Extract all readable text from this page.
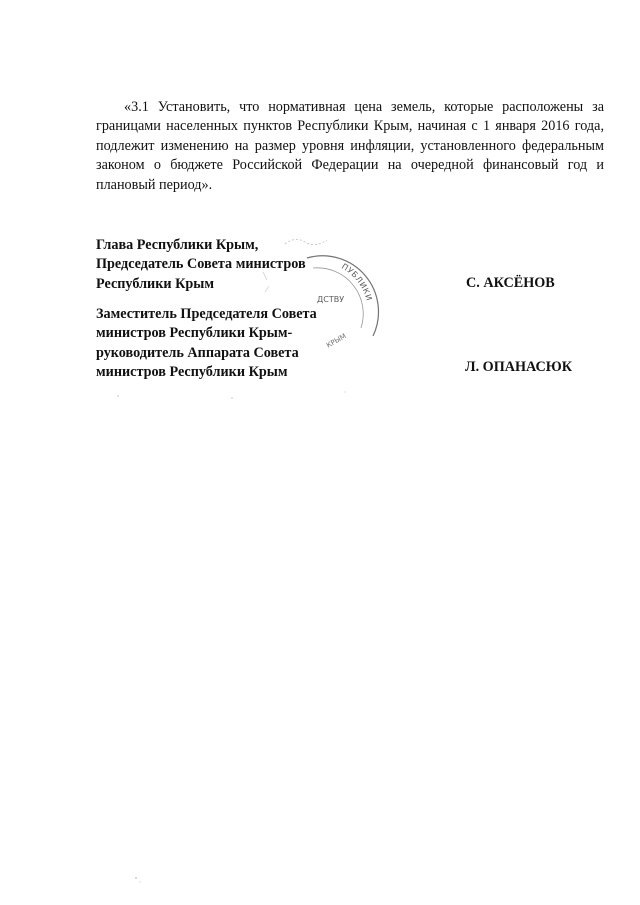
«3.1 Установить, что нормативная цена земель, которые расположены за границами населенных пунктов Республики Крым, начиная с 1 января 2016 года, подлежит изменению на размер уровня инфляции, установленного федеральным законом о бюджете Российской Федерации на очередной финансовый год и плановый период».

Глава Республики Крым,
Председатель Совета министров
Республики Крым	С. АКСЁНОВ
Заместитель Председателя Совета
министров Республики Крым-
руководитель Аппарата Совета
министров Республики Крым	Л. ОПАНАСЮК
ПУБЛИКИ
ДСТВУ
КРЫМ
